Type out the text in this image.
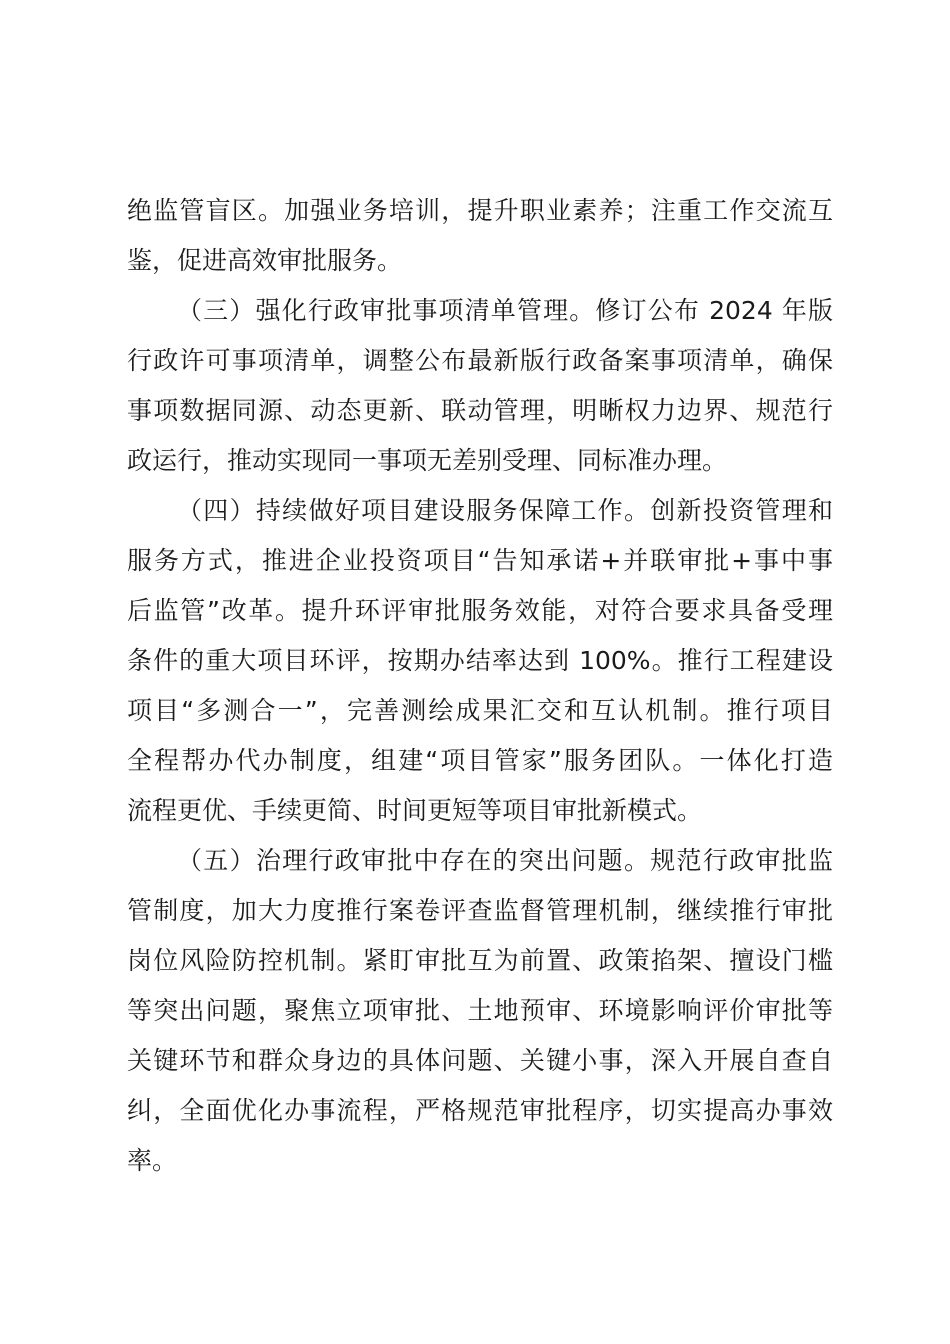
绝监管盲区。加强业务培训，提升职业素养；注重工作交流互
鉴，促进高效审批服务。
（三）强化行政审批事项清单管理。修订公布 2024 年版
行政许可事项清单，调整公布最新版行政备案事项清单，确保
事项数据同源、动态更新、联动管理，明晰权力边界、规范行
政运行，推动实现同一事项无差别受理、同标准办理。
（四）持续做好项目建设服务保障工作。创新投资管理和
服务方式，推进企业投资项目“告知承诺+并联审批+事中事
后监管”改革。提升环评审批服务效能，对符合要求具备受理
条件的重大项目环评，按期办结率达到 100%。推行工程建设
项目“多测合一”，完善测绘成果汇交和互认机制。推行项目
全程帮办代办制度，组建“项目管家”服务团队。一体化打造
流程更优、手续更简、时间更短等项目审批新模式。
（五）治理行政审批中存在的突出问题。规范行政审批监
管制度，加大力度推行案卷评查监督管理机制，继续推行审批
岗位风险防控机制。紧盯审批互为前置、政策掐架、擅设门槛
等突出问题，聚焦立项审批、土地预审、环境影响评价审批等
关键环节和群众身边的具体问题、关键小事，深入开展自查自
纠，全面优化办事流程，严格规范审批程序，切实提高办事效
率。
